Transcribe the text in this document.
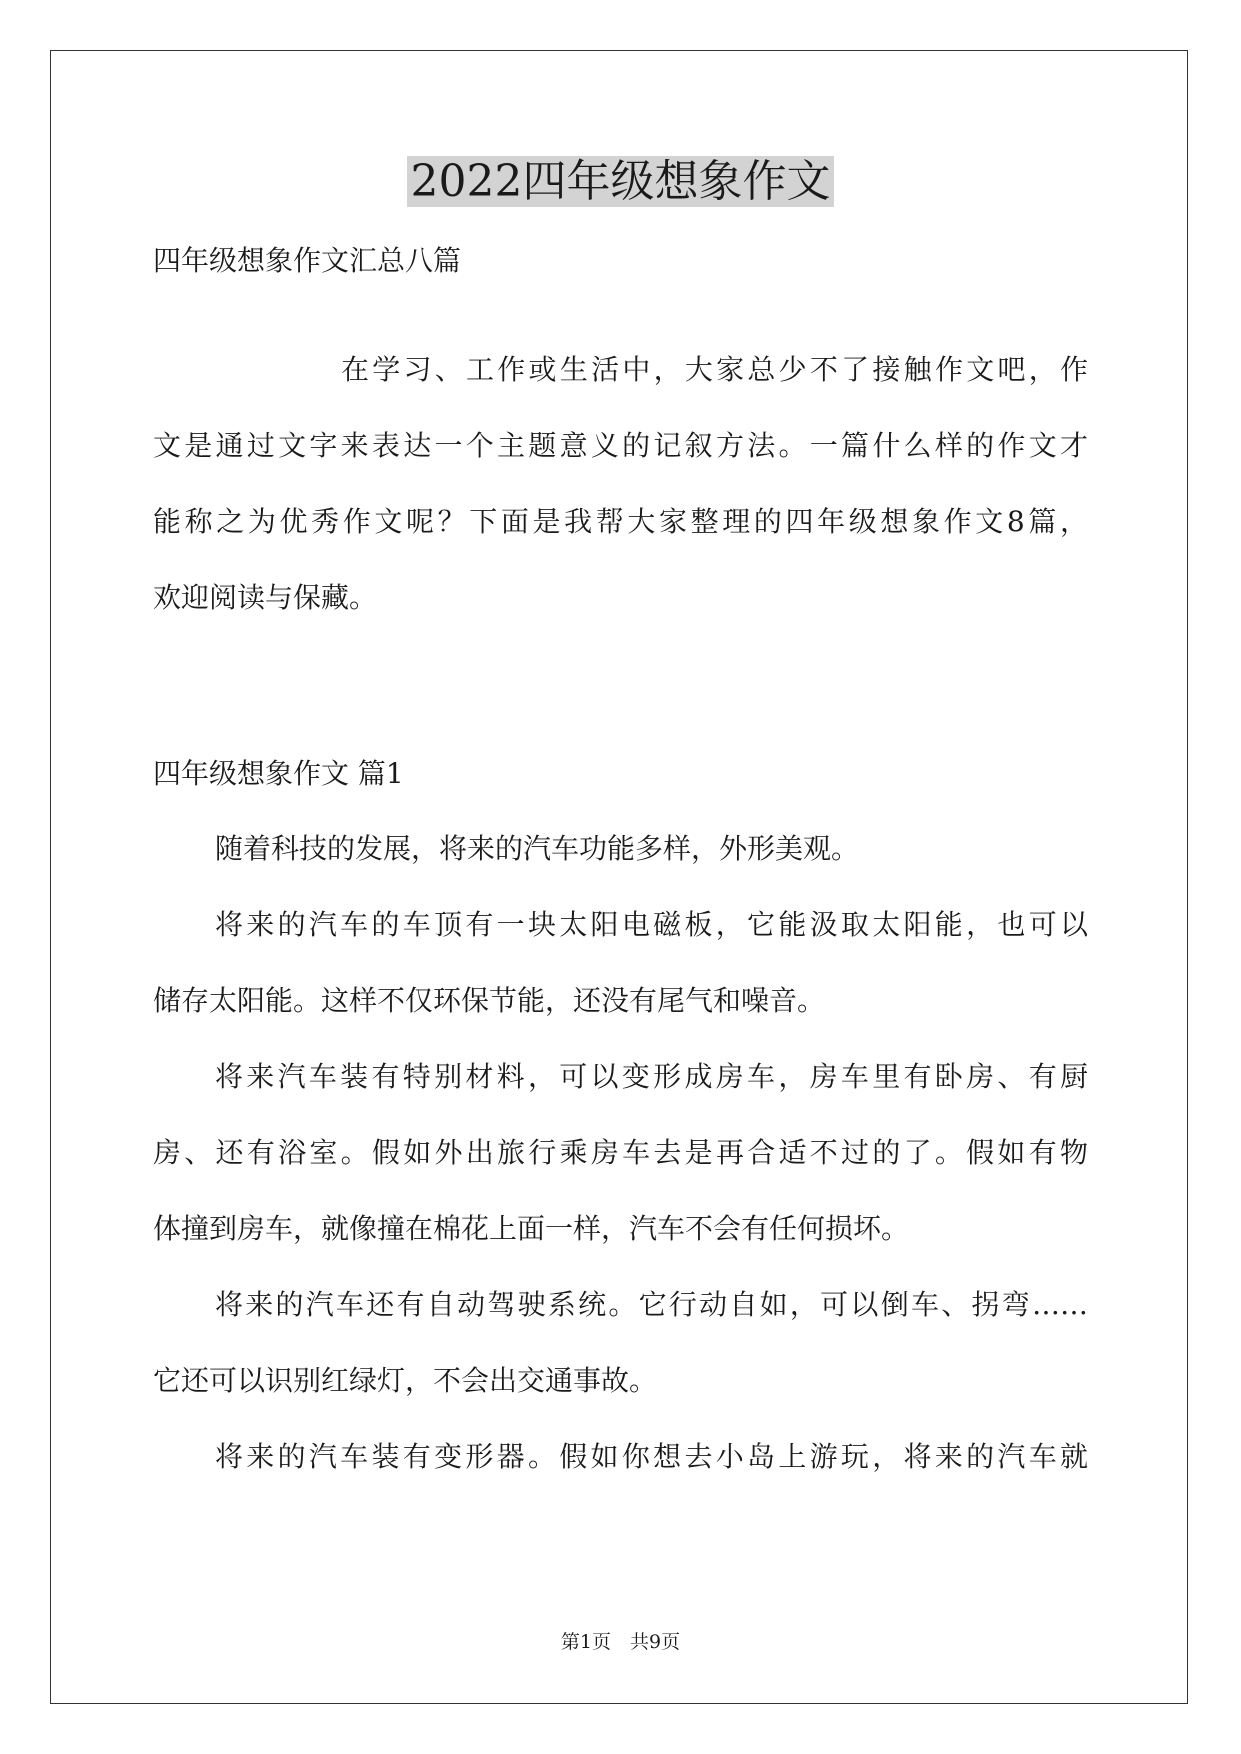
2022四年级想象作文
四年级想象作文汇总八篇
在学习、工作或生活中，大家总少不了接触作文吧，作
文是通过文字来表达一个主题意义的记叙方法。一篇什么样的作文才
能称之为优秀作文呢？下面是我帮大家整理的四年级想象作文8篇，
欢迎阅读与保藏。
四年级想象作文 篇1
随着科技的发展，将来的汽车功能多样，外形美观。
将来的汽车的车顶有一块太阳电磁板，它能汲取太阳能，也可以
储存太阳能。这样不仅环保节能，还没有尾气和噪音。
将来汽车装有特别材料，可以变形成房车，房车里有卧房、有厨
房、还有浴室。假如外出旅行乘房车去是再合适不过的了。假如有物
体撞到房车，就像撞在棉花上面一样，汽车不会有任何损坏。
将来的汽车还有自动驾驶系统。它行动自如，可以倒车、拐弯……
它还可以识别红绿灯，不会出交通事故。
将来的汽车装有变形器。假如你想去小岛上游玩，将来的汽车就
第1页　共9页
